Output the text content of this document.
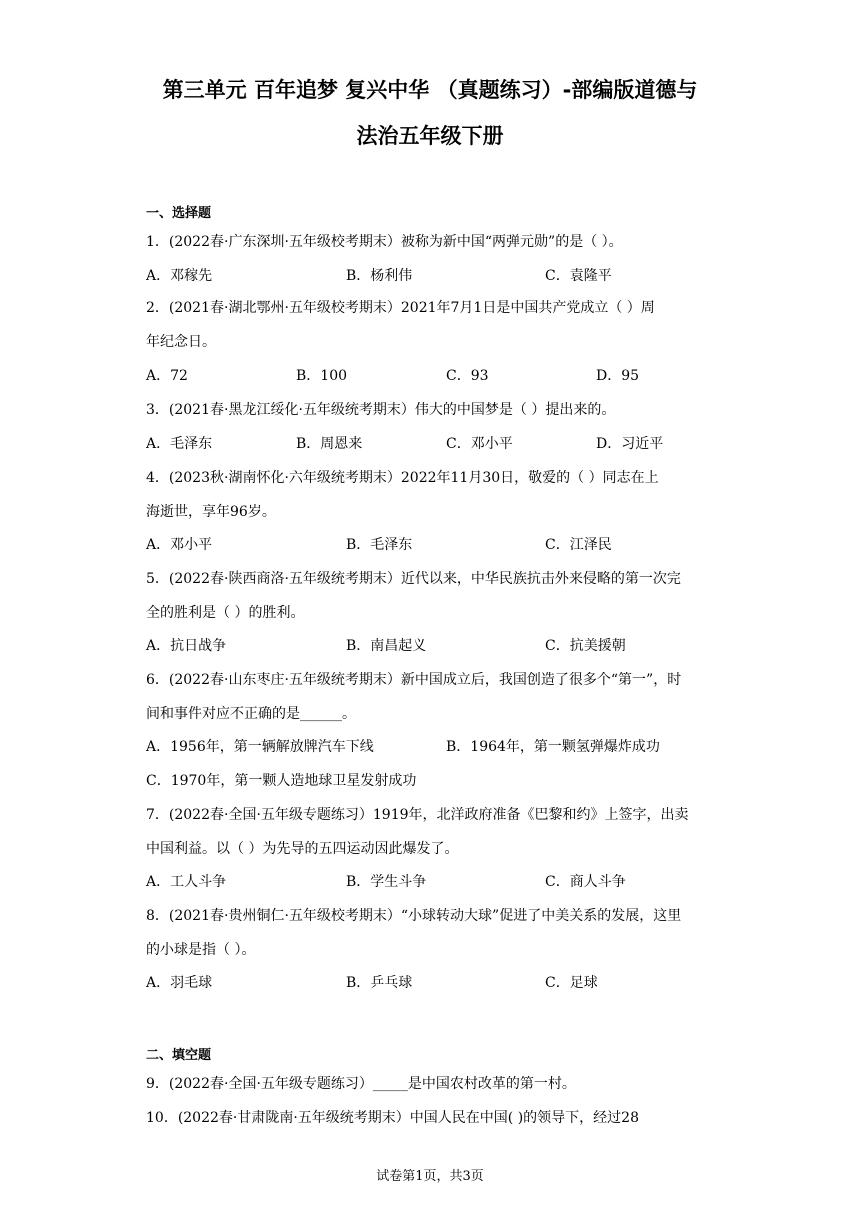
第三单元 百年追梦 复兴中华 （真题练习）-部编版道德与
法治五年级下册
一、选择题
1．(2022春·广东深圳·五年级校考期末）被称为新中国“两弹元勋”的是（ ）。
A．邓稼先	B．杨利伟	C．袁隆平
2．(2021春·湖北鄂州·五年级校考期末）2021年7月1日是中国共产党成立（ ）周
年纪念日。
A．72	B．100	C．93	D．95
3．(2021春·黑龙江绥化·五年级统考期末）伟大的中国梦是（ ）提出来的。
A．毛泽东	B．周恩来	C．邓小平	D．习近平
4．(2023秋·湖南怀化·六年级统考期末）2022年11月30日，敬爱的（ ）同志在上
海逝世，享年96岁。
A．邓小平	B．毛泽东	C．江泽民
5．(2022春·陕西商洛·五年级统考期末）近代以来，中华民族抗击外来侵略的第一次完
全的胜利是（ ）的胜利。
A．抗日战争	B．南昌起义	C．抗美援朝
6．(2022春·山东枣庄·五年级统考期末）新中国成立后，我国创造了很多个“第一”，时
间和事件对应不正确的是______。
A．1956年，第一辆解放牌汽车下线	B．1964年，第一颗氢弹爆炸成功
C．1970年，第一颗人造地球卫星发射成功
7．(2022春·全国·五年级专题练习）1919年，北洋政府准备《巴黎和约》上签字，出卖
中国利益。以（ ）为先导的五四运动因此爆发了。
A．工人斗争	B．学生斗争	C．商人斗争
8．(2021春·贵州铜仁·五年级校考期末）“小球转动大球”促进了中美关系的发展，这里
的小球是指（ ）。
A．羽毛球	B．乒乓球	C．足球
二、填空题
9．(2022春·全国·五年级专题练习）_____是中国农村改革的第一村。
10．(2022春·甘肃陇南·五年级统考期末）中国人民在中国( )的领导下，经过28
试卷第1页，共3页
